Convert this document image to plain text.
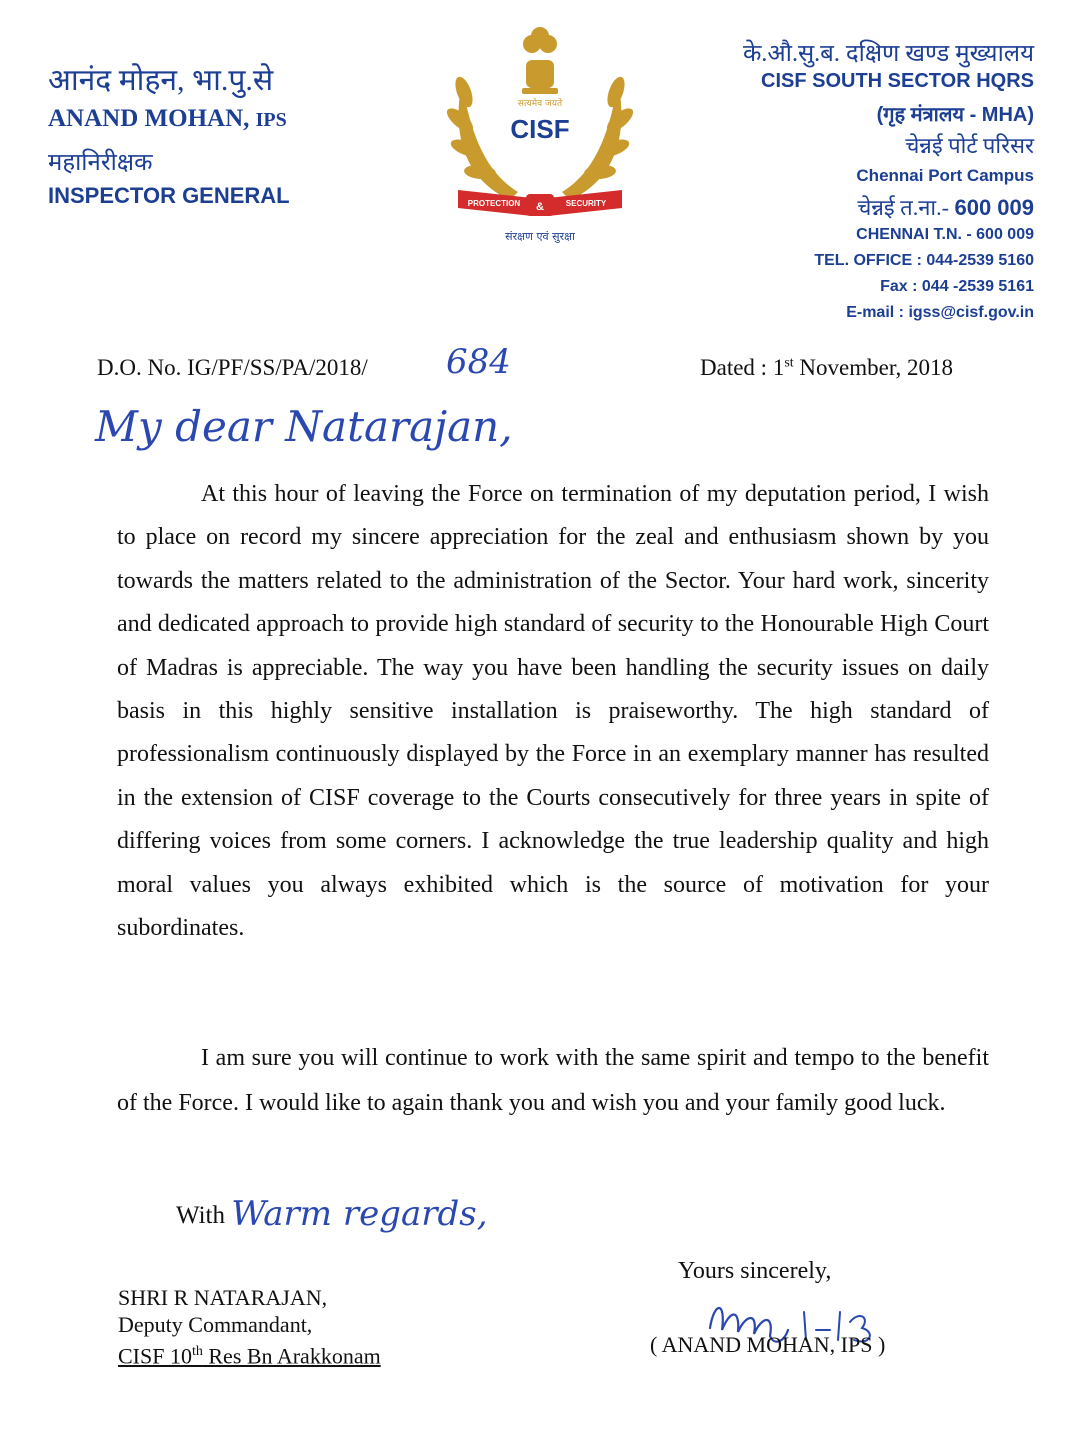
आनंद मोहन, भा.पु.से
ANAND MOHAN, IPS
महानिरीक्षक
INSPECTOR GENERAL
सत्यमेव जयते
CISF
PROTECTION &	SECURITY
संरक्षण एवं सुरक्षा
के.औ.सु.ब. दक्षिण खण्ड मुख्यालय
CISF SOUTH SECTOR HQRS
(गृह मंत्रालय - MHA)
चेन्नई पोर्ट परिसर
Chennai Port Campus
चेन्नई त.ना.- 600 009
CHENNAI T.N. - 600 009
TEL. OFFICE : 044-2539 5160
Fax : 044 -2539 5161
E-mail : igss@cisf.gov.in
D.O. No. IG/PF/SS/PA/2018/ 684	Dated : 1st November, 2018
My dear Natarajan,
At this hour of leaving the Force on termination of my deputation period, I wish to place on record my sincere appreciation for the zeal and enthusiasm shown by you towards the matters related to the administration of the Sector. Your hard work, sincerity and dedicated approach to provide high standard of security to the Honourable High Court of Madras is appreciable. The way you have been handling the security issues on daily basis in this highly sensitive installation is praiseworthy. The high standard of professionalism continuously displayed by the Force in an exemplary manner has resulted in the extension of CISF coverage to the Courts consecutively for three years in spite of differing voices from some corners. I acknowledge the true leadership quality and high moral values you always exhibited which is the source of motivation for your subordinates.
I am sure you will continue to work with the same spirit and tempo to the benefit of the Force. I would like to again thank you and wish you and your family good luck.
With Warm regards,
Yours sincerely,
( ANAND MOHAN, IPS )
SHRI R NATARAJAN,
Deputy Commandant,
CISF 10th Res Bn Arakkonam
